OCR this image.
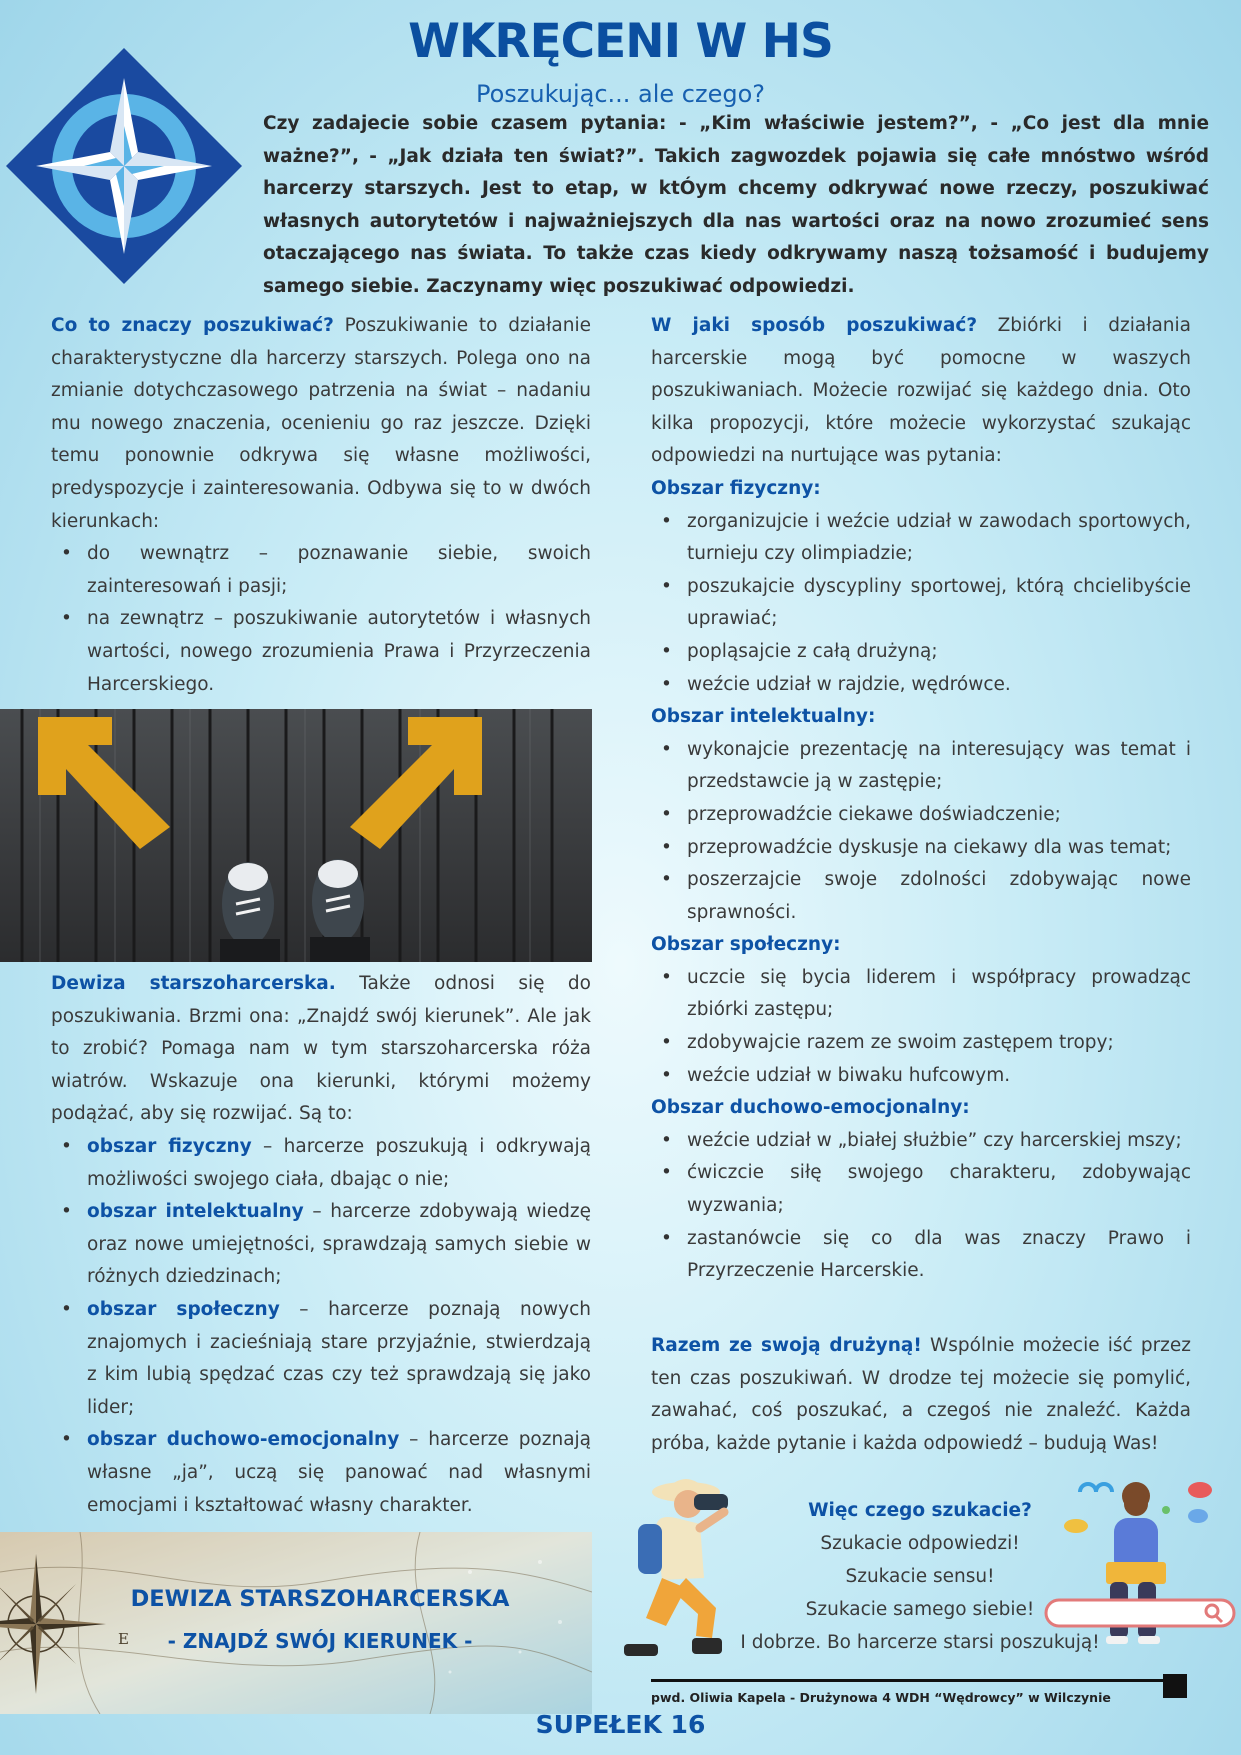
WKRĘCENI W HS
Poszukując... ale czego?
Czy zadajecie sobie czasem pytania: - „Kim właściwie jestem?”, - „Co jest dla mnie ważne?”, - „Jak działa ten świat?”. Takich zagwozdek pojawia się całe mnóstwo wśród harcerzy starszych. Jest to etap, w ktÓym chcemy odkrywać nowe rzeczy, poszukiwać własnych autorytetów i najważniejszych dla nas wartości oraz na nowo zrozumieć sens otaczającego nas świata. To także czas kiedy odkrywamy naszą tożsamość i budujemy samego siebie. Zaczynamy więc poszukiwać odpowiedzi.

Co to znaczy poszukiwać? Poszukiwanie to działanie charakterystyczne dla harcerzy starszych. Polega ono na zmianie dotychczasowego patrzenia na świat – nadaniu mu nowego znaczenia, ocenieniu go raz jeszcze. Dzięki temu ponownie odkrywa się własne możliwości, predyspozycje i zainteresowania. Odbywa się to w dwóch kierunkach:

• do wewnątrz – poznawanie siebie, swoich zainteresowań i pasji;
• na zewnątrz – poszukiwanie autorytetów i własnych wartości, nowego zrozumienia Prawa i Przyrzeczenia Harcerskiego.

Dewiza starszoharcerska. Także odnosi się do poszukiwania. Brzmi ona: „Znajdź swój kierunek”. Ale jak to zrobić? Pomaga nam w tym starszoharcerska róża wiatrów. Wskazuje ona kierunki, którymi możemy podążać, aby się rozwijać. Są to:

• obszar fizyczny – harcerze poszukują i odkrywają możliwości swojego ciała, dbając o nie;
• obszar intelektualny – harcerze zdobywają wiedzę oraz nowe umiejętności, sprawdzają samych siebie w różnych dziedzinach;
• obszar społeczny – harcerze poznają nowych znajomych i zacieśniają stare przyjaźnie, stwierdzają z kim lubią spędzać czas czy też sprawdzają się jako lider;
• obszar duchowo-emocjonalny – harcerze poznają własne „ja”, uczą się panować nad własnymi emocjami i kształtować własny charakter.
E
DEWIZA STARSZOHARCERSKA
- ZNAJDŹ SWÓJ KIERUNEK -

W jaki sposób poszukiwać? Zbiórki i działania harcerskie mogą być pomocne w waszych poszukiwaniach. Możecie rozwijać się każdego dnia. Oto kilka propozycji, które możecie wykorzystać szukając odpowiedzi na nurtujące was pytania:

Obszar fizyczny:
• zorganizujcie i weźcie udział w zawodach sportowych, turnieju czy olimpiadzie;
• poszukajcie dyscypliny sportowej, którą chcielibyście uprawiać;
• popląsajcie z całą drużyną;
• weźcie udział w rajdzie, wędrówce.
Obszar intelektualny:
• wykonajcie prezentację na interesujący was temat i przedstawcie ją w zastępie;
• przeprowadźcie ciekawe doświadczenie;
• przeprowadźcie dyskusje na ciekawy dla was temat;
• poszerzajcie swoje zdolności zdobywając nowe sprawności.
Obszar społeczny:
• uczcie się bycia liderem i współpracy prowadząc zbiórki zastępu;
• zdobywajcie razem ze swoim zastępem tropy;
• weźcie udział w biwaku hufcowym.
Obszar duchowo-emocjonalny:
• weźcie udział w „białej służbie” czy harcerskiej mszy;
• ćwiczcie siłę swojego charakteru, zdobywając wyzwania;
• zastanówcie się co dla was znaczy Prawo i Przyrzeczenie Harcerskie.

Razem ze swoją drużyną! Wspólnie możecie iść przez ten czas poszukiwań. W drodze tej możecie się pomylić, zawahać, coś poszukać, a czegoś nie znaleźć. Każda próba, każde pytanie i każda odpowiedź – budują Was!

Więc czego szukacie?
Szukacie odpowiedzi!
Szukacie sensu!
Szukacie samego siebie!
I dobrze. Bo harcerze starsi poszukują!
pwd. Oliwia Kapela - Drużynowa 4 WDH “Wędrowcy” w Wilczynie
SUPEŁEK 16
